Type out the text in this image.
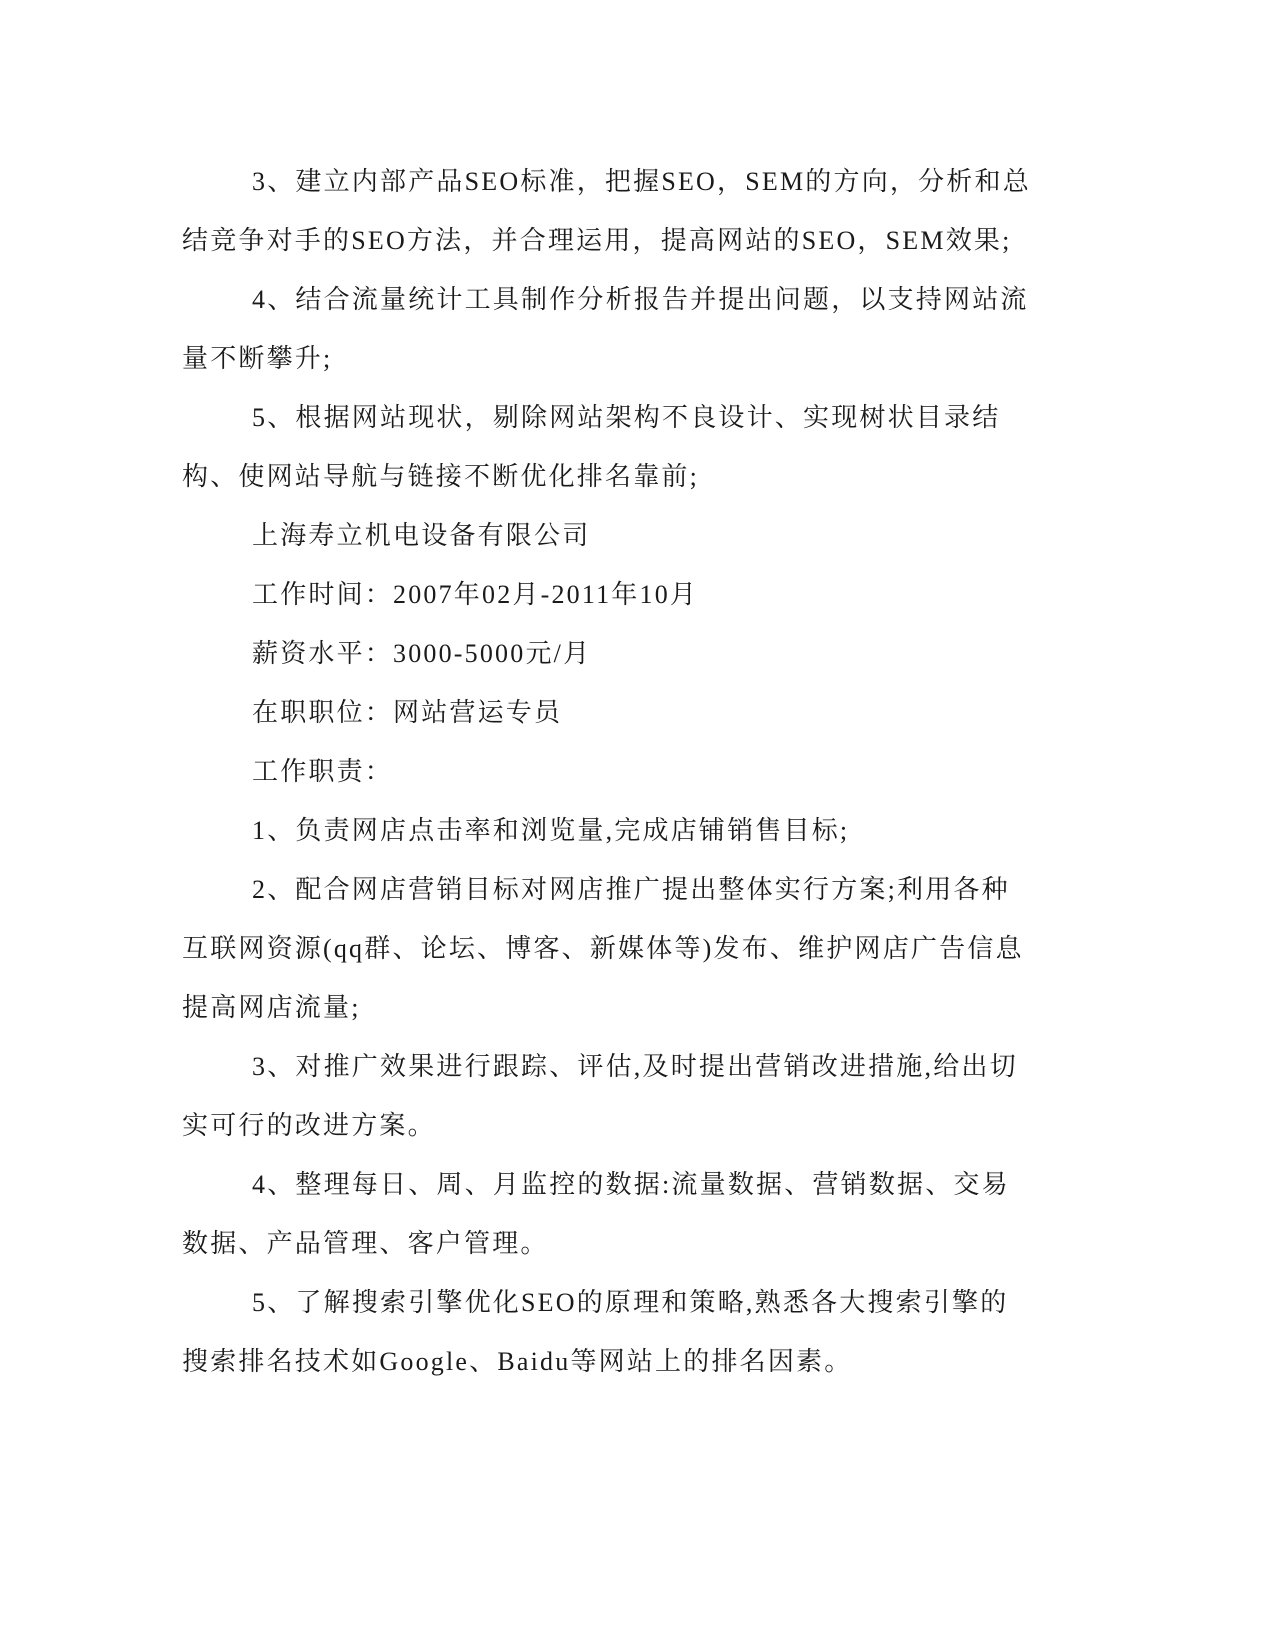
3、建立内部产品SEO标准，把握SEO，SEM的方向，分析和总结竞争对手的SEO方法，并合理运用，提高网站的SEO，SEM效果;

4、结合流量统计工具制作分析报告并提出问题，以支持网站流量不断攀升;

5、根据网站现状，剔除网站架构不良设计、实现树状目录结构、使网站导航与链接不断优化排名靠前;

上海寿立机电设备有限公司

工作时间：2007年02月-2011年10月

薪资水平：3000-5000元/月

在职职位：网站营运专员

工作职责：

1、负责网店点击率和浏览量,完成店铺销售目标;

2、配合网店营销目标对网店推广提出整体实行方案;利用各种互联网资源(qq群、论坛、博客、新媒体等)发布、维护网店广告信息提高网店流量;

3、对推广效果进行跟踪、评估,及时提出营销改进措施,给出切实可行的改进方案。

4、整理每日、周、月监控的数据:流量数据、营销数据、交易数据、产品管理、客户管理。

5、了解搜索引擎优化SEO的原理和策略,熟悉各大搜索引擎的搜索排名技术如Google、Baidu等网站上的排名因素。
